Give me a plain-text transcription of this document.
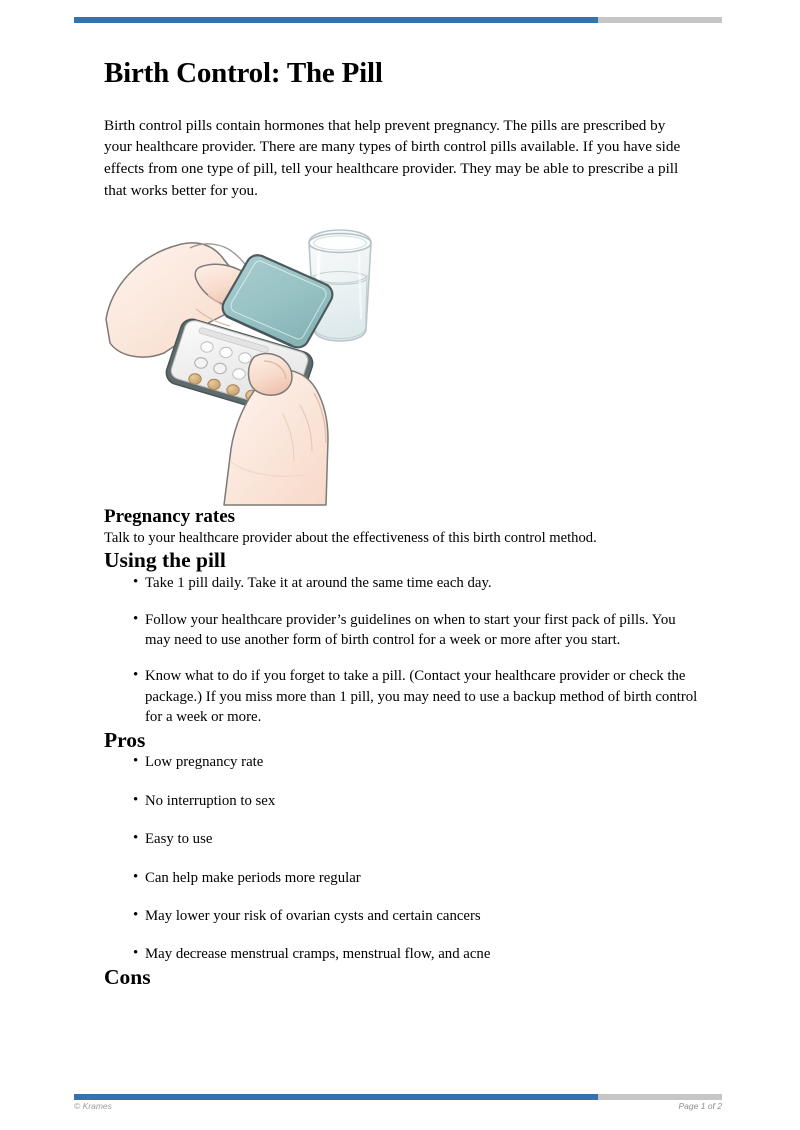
Birth Control: The Pill

Birth control pills contain hormones that help prevent pregnancy. The pills are prescribed by your healthcare provider. There are many types of birth control pills available. If you have side effects from one type of pill, tell your healthcare provider. They may be able to prescribe a pill that works better for you.

Pregnancy rates

Talk to your healthcare provider about the effectiveness of this birth control method.

Using the pill
• Take 1 pill daily. Take it at around the same time each day.
• Follow your healthcare provider’s guidelines on when to start your first pack of pills. You may need to use another form of birth control for a week or more after you start.
• Know what to do if you forget to take a pill. (Contact your healthcare provider or check the package.) If you miss more than 1 pill, you may need to use a backup method of birth control for a week or more.
Pros
• Low pregnancy rate
• No interruption to sex
• Easy to use
• Can help make periods more regular
• May lower your risk of ovarian cysts and certain cancers
• May decrease menstrual cramps, menstrual flow, and acne
Cons
© Krames	Page 1 of 2
